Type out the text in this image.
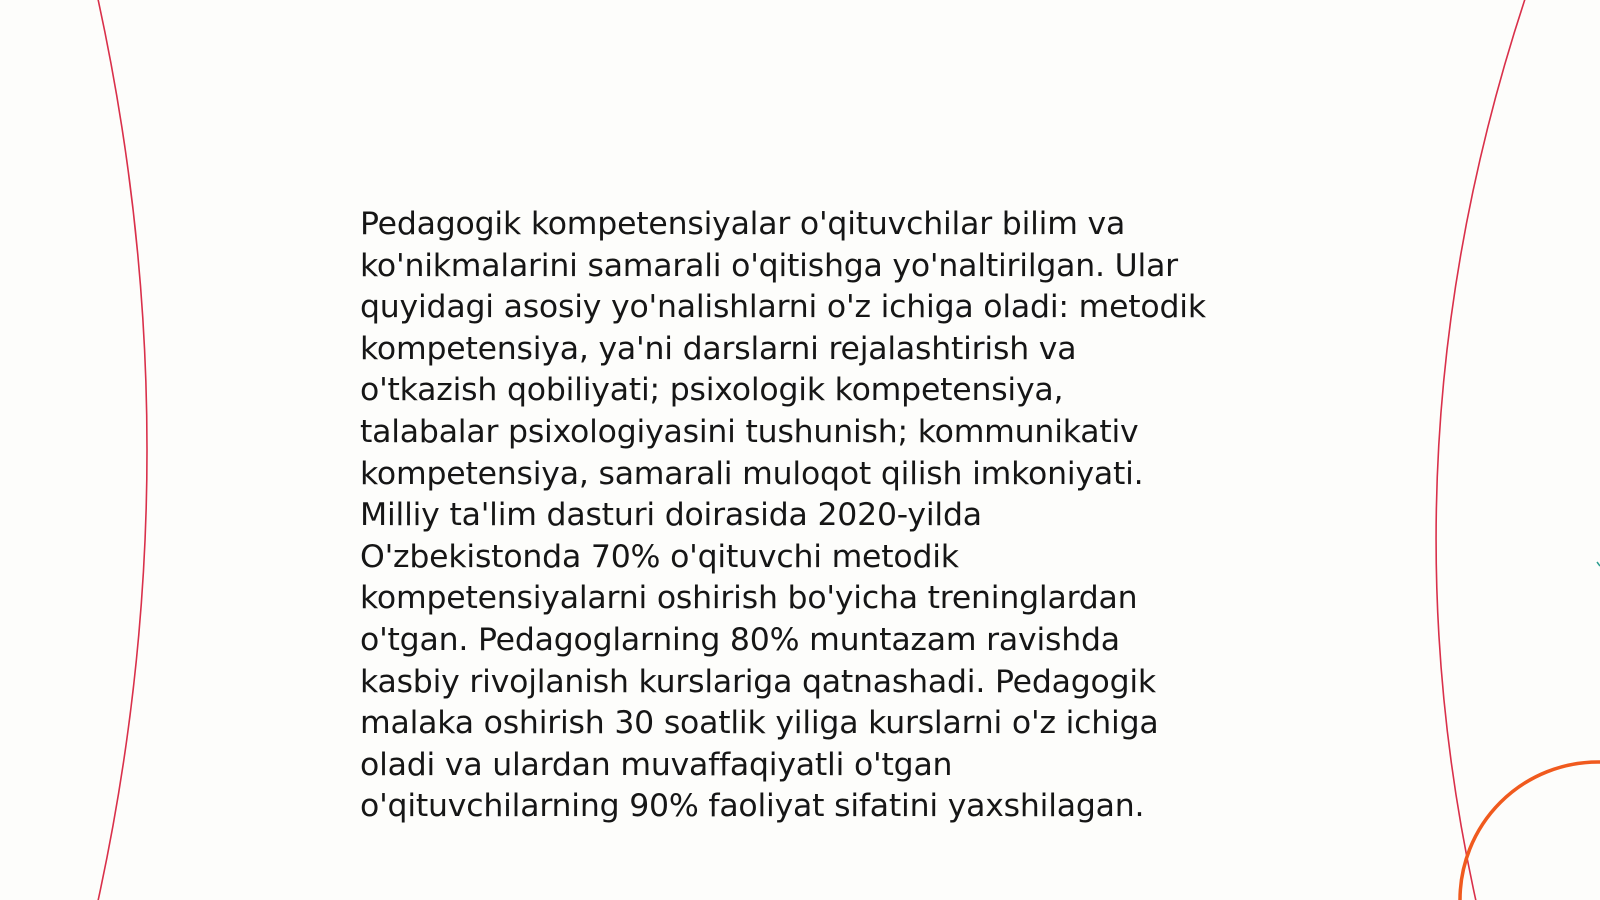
Pedagogik kompetensiyalar o'qituvchilar bilim va
ko'nikmalarini samarali o'qitishga yo'naltirilgan. Ular
quyidagi asosiy yo'nalishlarni o'z ichiga oladi: metodik
kompetensiya, ya'ni darslarni rejalashtirish va
o'tkazish qobiliyati; psixologik kompetensiya,
talabalar psixologiyasini tushunish; kommunikativ
kompetensiya, samarali muloqot qilish imkoniyati.
Milliy ta'lim dasturi doirasida 2020-yilda
O'zbekistonda 70% o'qituvchi metodik
kompetensiyalarni oshirish bo'yicha treninglardan
o'tgan. Pedagoglarning 80% muntazam ravishda
kasbiy rivojlanish kurslariga qatnashadi. Pedagogik
malaka oshirish 30 soatlik yiliga kurslarni o'z ichiga
oladi va ulardan muvaffaqiyatli o'tgan
o'qituvchilarning 90% faoliyat sifatini yaxshilagan.
